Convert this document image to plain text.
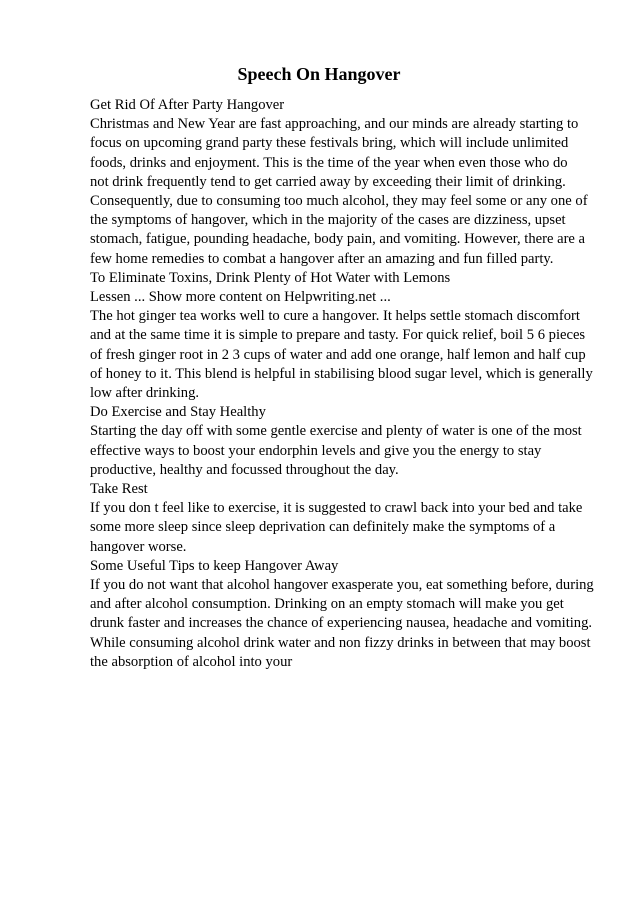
Speech On Hangover
Get Rid Of After Party Hangover
Christmas and New Year are fast approaching, and our minds are already starting to
focus on upcoming grand party these festivals bring, which will include unlimited
foods, drinks and enjoyment. This is the time of the year when even those who do
not drink frequently tend to get carried away by exceeding their limit of drinking.
Consequently, due to consuming too much alcohol, they may feel some or any one of
the symptoms of hangover, which in the majority of the cases are dizziness, upset
stomach, fatigue, pounding headache, body pain, and vomiting. However, there are a
few home remedies to combat a hangover after an amazing and fun filled party.
To Eliminate Toxins, Drink Plenty of Hot Water with Lemons
Lessen ... Show more content on Helpwriting.net ...
The hot ginger tea works well to cure a hangover. It helps settle stomach discomfort
and at the same time it is simple to prepare and tasty. For quick relief, boil 5 6 pieces
of fresh ginger root in 2 3 cups of water and add one orange, half lemon and half cup
of honey to it. This blend is helpful in stabilising blood sugar level, which is generally
low after drinking.
Do Exercise and Stay Healthy
Starting the day off with some gentle exercise and plenty of water is one of the most
effective ways to boost your endorphin levels and give you the energy to stay
productive, healthy and focussed throughout the day.
Take Rest
If you don t feel like to exercise, it is suggested to crawl back into your bed and take
some more sleep since sleep deprivation can definitely make the symptoms of a
hangover worse.
Some Useful Tips to keep Hangover Away
If you do not want that alcohol hangover exasperate you, eat something before, during
and after alcohol consumption. Drinking on an empty stomach will make you get
drunk faster and increases the chance of experiencing nausea, headache and vomiting.
While consuming alcohol drink water and non fizzy drinks in between that may boost
the absorption of alcohol into your
